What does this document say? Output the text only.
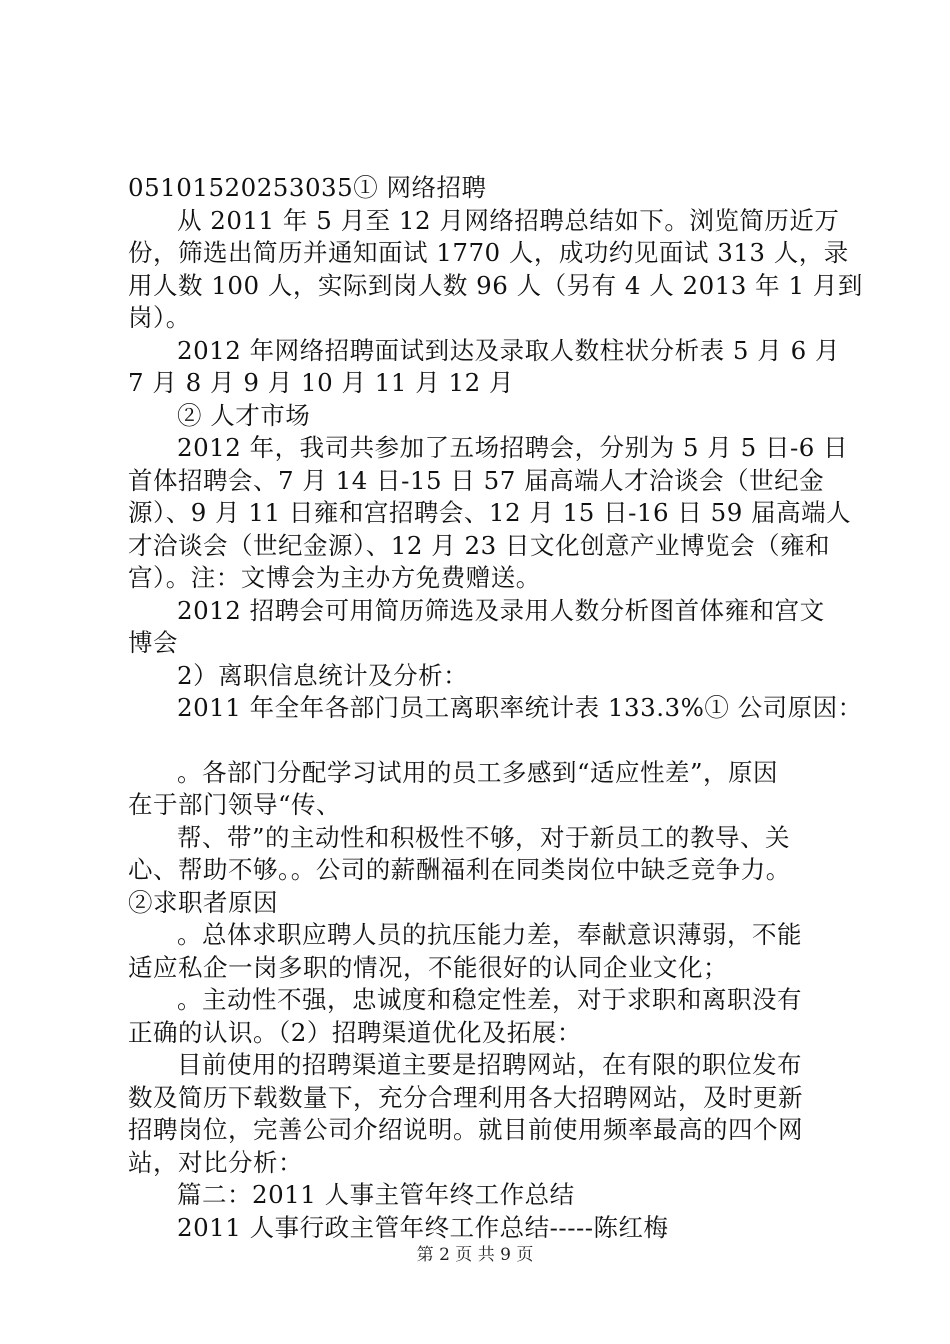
05101520253035① 网络招聘

从 2011 年 5 月至 12 月网络招聘总结如下。浏览简历近万

份，筛选出简历并通知面试 1770 人，成功约见面试 313 人，录

用人数 100 人，实际到岗人数 96 人（另有 4 人 2013 年 1 月到

岗）。

2012 年网络招聘面试到达及录取人数柱状分析表 5 月 6 月

7 月 8 月 9 月 10 月 11 月 12 月

② 人才市场

2012 年，我司共参加了五场招聘会，分别为 5 月 5 日-6 日

首体招聘会、7 月 14 日-15 日 57 届高端人才洽谈会（世纪金

源）、9 月 11 日雍和宫招聘会、12 月 15 日-16 日 59 届高端人

才洽谈会（世纪金源）、12 月 23 日文化创意产业博览会（雍和

宫）。注：文博会为主办方免费赠送。

2012 招聘会可用简历筛选及录用人数分析图首体雍和宫文

博会

2）离职信息统计及分析：

2011 年全年各部门员工离职率统计表 133.3%① 公司原因：

。各部门分配学习试用的员工多感到“适应性差”，原因

在于部门领导“传、

帮、带”的主动性和积极性不够，对于新员工的教导、关

心、帮助不够。。公司的薪酬福利在同类岗位中缺乏竞争力。

②求职者原因

。总体求职应聘人员的抗压能力差，奉献意识薄弱，不能

适应私企一岗多职的情况，不能很好的认同企业文化；

。主动性不强，忠诚度和稳定性差，对于求职和离职没有

正确的认识。（2）招聘渠道优化及拓展：

目前使用的招聘渠道主要是招聘网站，在有限的职位发布

数及简历下载数量下，充分合理利用各大招聘网站，及时更新

招聘岗位，完善公司介绍说明。就目前使用频率最高的四个网

站，对比分析：

篇二：2011 人事主管年终工作总结

2011 人事行政主管年终工作总结-----陈红梅

第 2 页 共 9 页
